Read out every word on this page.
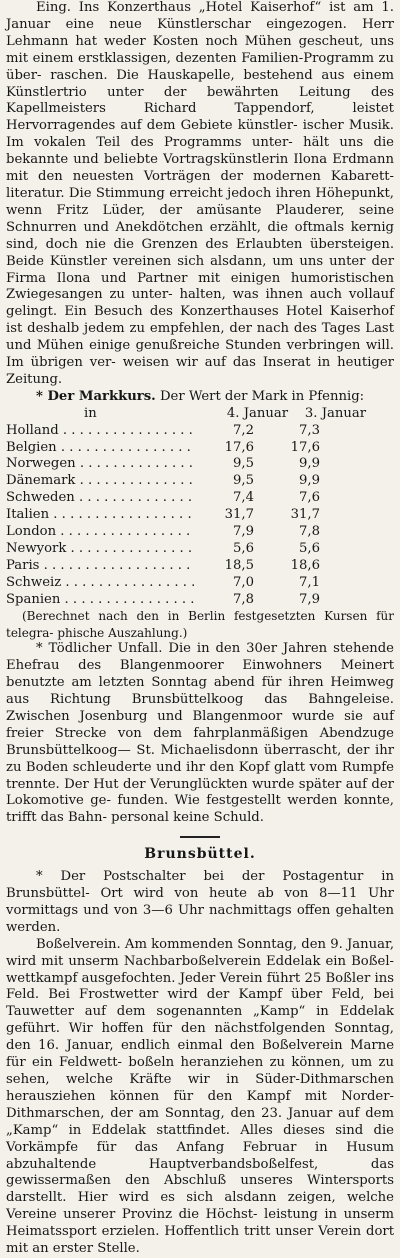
Eing. Ins Konzerthaus „Hotel Kaiserhof“ ist am 1. Januar eine neue Künstlerschar eingezogen. Herr Lehmann hat weder Kosten noch Mühen gescheut, uns mit einem erstklassigen, dezenten Familien-Programm zu über- raschen. Die Hauskapelle, bestehend aus einem Künstlertrio unter der bewährten Leitung des Kapellmeisters Richard	Tappendorf, leistet Hervorragendes auf dem Gebiete künstler- ischer Musik. Im vokalen Teil des Programms unter- hält uns die bekannte und beliebte Vortragskünstlerin Ilona Erdmann mit den neuesten Vorträgen der modernen Kabarett- literatur. Die Stimmung erreicht jedoch ihren Höhepunkt, wenn Fritz Lüder, der amüsante Plauderer, seine Schnurren und Anekdötchen erzählt, die oftmals kernig sind, doch nie die Grenzen des Erlaubten übersteigen. Beide Künstler vereinen sich alsdann, um uns unter der Firma Ilona und Partner mit einigen humoristischen Zwiegesangen zu unter- halten, was ihnen auch vollauf gelingt. Ein Besuch des Konzerthauses Hotel Kaiserhof ist deshalb jedem zu empfehlen, der nach des Tages Last und Mühen einige genußreiche Stunden verbringen will. Im übrigen ver- weisen wir auf das Inserat in heutiger Zeitung.

* Der Markkurs. Der Wert der Mark in Pfennig:

in	4. Januar	3. Januar
Holland . . .	7,2	7,3
Belgien . . .	17,6	17,6
Norwegen . . .	9,5	9,9
Dänemark . . .	9,5	9,9
Schweden . . .	7,4	7,6
Italien . . .	31,7	31,7
London . . .	7,9	7,8
Newyork . . .	5,6	5,6
Paris . . .	18,5	18,6
Schweiz . . .	7,0	7,1
Spanien . . .	7,8	7,9

(Berechnet nach den in Berlin festgesetzten Kursen für telegra- phische Auszahlung.)

* Tödlicher Unfall. Die in den 30er Jahren stehende Ehefrau des Blangenmoorer Einwohners Meinert benutzte am letzten Sonntag abend für ihren Heimweg aus Richtung Brunsbüttelkoog das Bahngeleise. Zwischen Josenburg und Blangenmoor wurde sie auf freier Strecke von dem fahrplanmäßigen Abendzuge Brunsbüttelkoog— St. Michaelisdonn überrascht, der ihr zu Boden schleuderte und ihr den Kopf glatt vom Rumpfe trennte. Der Hut der Verunglückten wurde später auf der Lokomotive ge- funden. Wie festgestellt werden konnte, trifft das Bahn- personal keine Schuld.

Brunsbüttel.

* Der Postschalter bei der Postagentur in Brunsbüttel- Ort wird von heute ab von 8—11 Uhr vormittags und von 3—6 Uhr nachmittags offen gehalten werden.

Boßelverein. Am kommenden Sonntag, den 9. Januar, wird mit unserm Nachbarboßelverein Eddelak ein Boßel- wettkampf ausgefochten. Jeder Verein führt 25 Boßler ins Feld. Bei Frostwetter wird der Kampf über Feld, bei Tauwetter auf dem sogenannten „Kamp“ in Eddelak geführt. Wir hoffen für den nächstfolgenden Sonntag, den 16. Januar, endlich einmal den Boßelverein Marne für ein Feldwett- boßeln heranziehen zu können, um zu sehen, welche Kräfte wir in Süder-Dithmarschen herausziehen können für den Kampf mit Norder-Dithmarschen, der am Sonntag, den 23. Januar auf dem „Kamp“ in Eddelak stattfindet. Alles dieses sind die Vorkämpfe für das Anfang Februar in Husum abzuhaltende Hauptverbandsboßelfest, das gewissermaßen den Abschluß unseres Wintersports darstellt. Hier wird es sich alsdann zeigen, welche Vereine unserer Provinz die Höchst- leistung in unserm Heimatssport erzielen. Hoffentlich tritt unser Verein dort mit an erster Stelle.
